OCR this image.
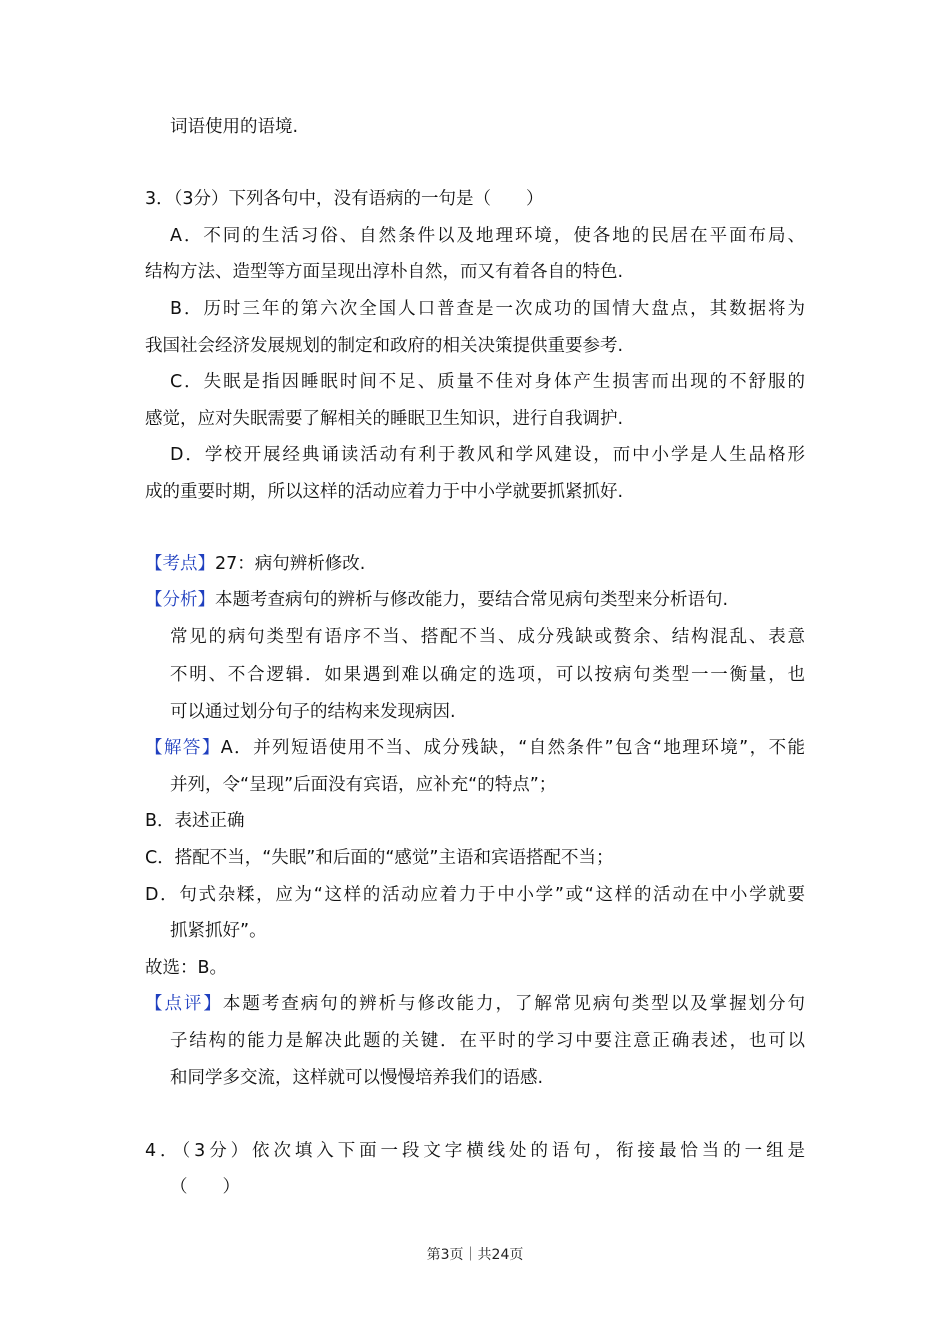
词语使用的语境.
3．（3分）下列各句中，没有语病的一句是（　　）
A．不同的生活习俗、自然条件以及地理环境，使各地的民居在平面布局、
结构方法、造型等方面呈现出淳朴自然，而又有着各自的特色.
B．历时三年的第六次全国人口普查是一次成功的国情大盘点，其数据将为
我国社会经济发展规划的制定和政府的相关决策提供重要参考.
C．失眠是指因睡眠时间不足、质量不佳对身体产生损害而出现的不舒服的
感觉，应对失眠需要了解相关的睡眠卫生知识，进行自我调护.
D．学校开展经典诵读活动有利于教风和学风建设，而中小学是人生品格形
成的重要时期，所以这样的活动应着力于中小学就要抓紧抓好.
【考点】27：病句辨析修改.
【分析】本题考查病句的辨析与修改能力，要结合常见病句类型来分析语句.
常见的病句类型有语序不当、搭配不当、成分残缺或赘余、结构混乱、表意
不明、不合逻辑．如果遇到难以确定的选项，可以按病句类型一一衡量，也
可以通过划分句子的结构来发现病因.
【解答】A．并列短语使用不当、成分残缺，“自然条件”包含“地理环境”，不能
并列，令“呈现”后面没有宾语，应补充“的特点”；
B．表述正确
C．搭配不当，“失眠”和后面的“感觉”主语和宾语搭配不当；
D．句式杂糅，应为“这样的活动应着力于中小学”或“这样的活动在中小学就要
抓紧抓好”。
故选：B。
【点评】本题考查病句的辨析与修改能力，了解常见病句类型以及掌握划分句
子结构的能力是解决此题的关键．在平时的学习中要注意正确表述，也可以
和同学多交流，这样就可以慢慢培养我们的语感.
4．（3分）依次填入下面一段文字横线处的语句，衔接最恰当的一组是
（　　）
第3页｜共24页
